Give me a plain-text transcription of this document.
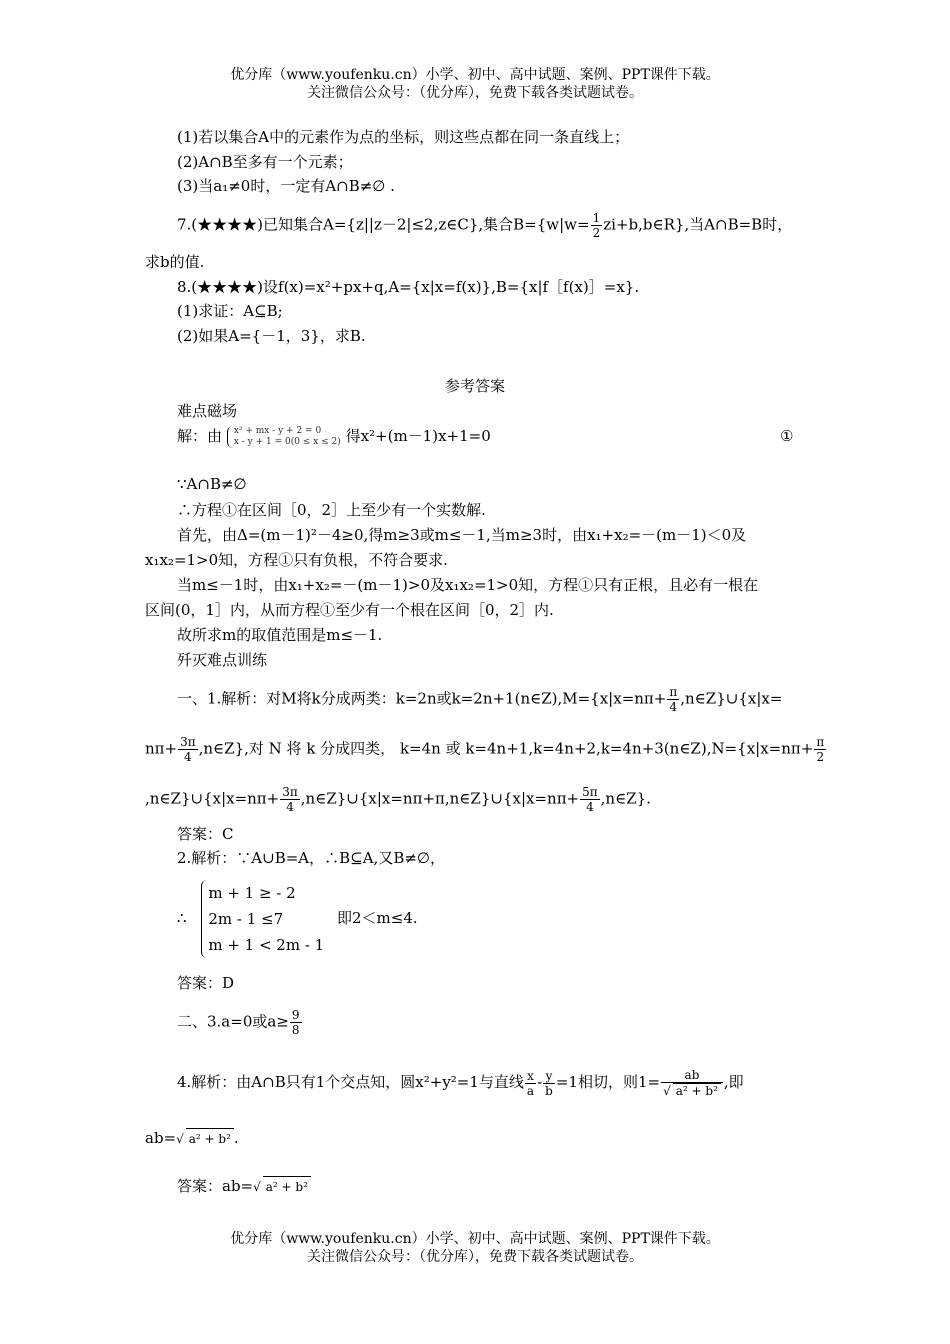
优分库（www.youfenku.cn）小学、初中、高中试题、案例、PPT课件下载。
关注微信公众号：（优分库），免费下载各类试题试卷。
(1)若以集合A中的元素作为点的坐标，则这些点都在同一条直线上；
(2)A∩B至多有一个元素；
(3)当a₁≠0时，一定有A∩B≠∅ .
7.(★★★★)已知集合A={z||z－2|≤2,z∈C},集合$B=\{w|w= \frac{1}{2}$ zi+b,b∈R},当A∩B=B时，
求b的值.
8.(★★★★)设f(x)=x²+px+q,A={x|x=f(x)},B={x|f［f(x)］=x}.
(1)求证：A⊆B;
(2)如果A={－1，3}，求B.
参考答案
难点磁场
解：由 x² + mx - y + 2 = 0
x - y + 1 = 0(0 ≤ x ≤ 2) 得x²+(m－1)x+1=0	①
∵A∩B≠∅
∴方程①在区间［0，2］上至少有一个实数解.
首先，由Δ=(m－1)²－4≥0,得m≥3或m≤－1,当m≥3时，由x₁+x₂=－(m－1)＜0及
x₁x₂=1>0知，方程①只有负根，不符合要求.
当m≤－1时，由x₁+x₂=－(m－1)>0及x₁x₂=1>0知，方程①只有正根，且必有一根在
区间(0，1］内，从而方程①至少有一个根在区间［0，2］内.
故所求m的取值范围是m≤－1.
歼灭难点训练
一、1.解析：对M将k分成两类：k=2n或k=2n+1(n∈Z),M={x|x=nπ+ $\frac{\pi}{4}$ ,n∈Z}∪{x|x=
$n\pi+ \frac{3\pi}{4}$ ,n∈Z},对 N 将 k 分成四类， k=4n 或 k=4n+1,k=4n+2,k=4n+3(n∈Z),N={x|x=nπ+ $\frac{\pi}{2}$
,n∈Z}∪{x|x=nπ+ $\frac{3\pi}{4}$ ,n∈Z}∪{x|x=nπ+π,n∈Z}∪{x|x=nπ+ $\frac{5\pi}{4}$ ,n∈Z}.
答案：C
2.解析：∵A∪B=A，∴B⊆A,又B≠∅，
∴
m + 1 ≥ - 2
2m - 1 ≤7
m + 1 < 2m - 1
即2＜m≤4.
答案：D
二、3.a=0或$a\ge \frac{9}{8}$
4.解析：由A∩B只有1个交点知，圆x²+y²=1与直线 $\frac{x}{a} - \frac{y}{b} =1$相切，则$1= \frac{ab}{\text{√ a² + b²}}$ ,即
ab=√ a² + b² .
答案：ab=√ a² + b²
优分库（www.youfenku.cn）小学、初中、高中试题、案例、PPT课件下载。
关注微信公众号：（优分库），免费下载各类试题试卷。
